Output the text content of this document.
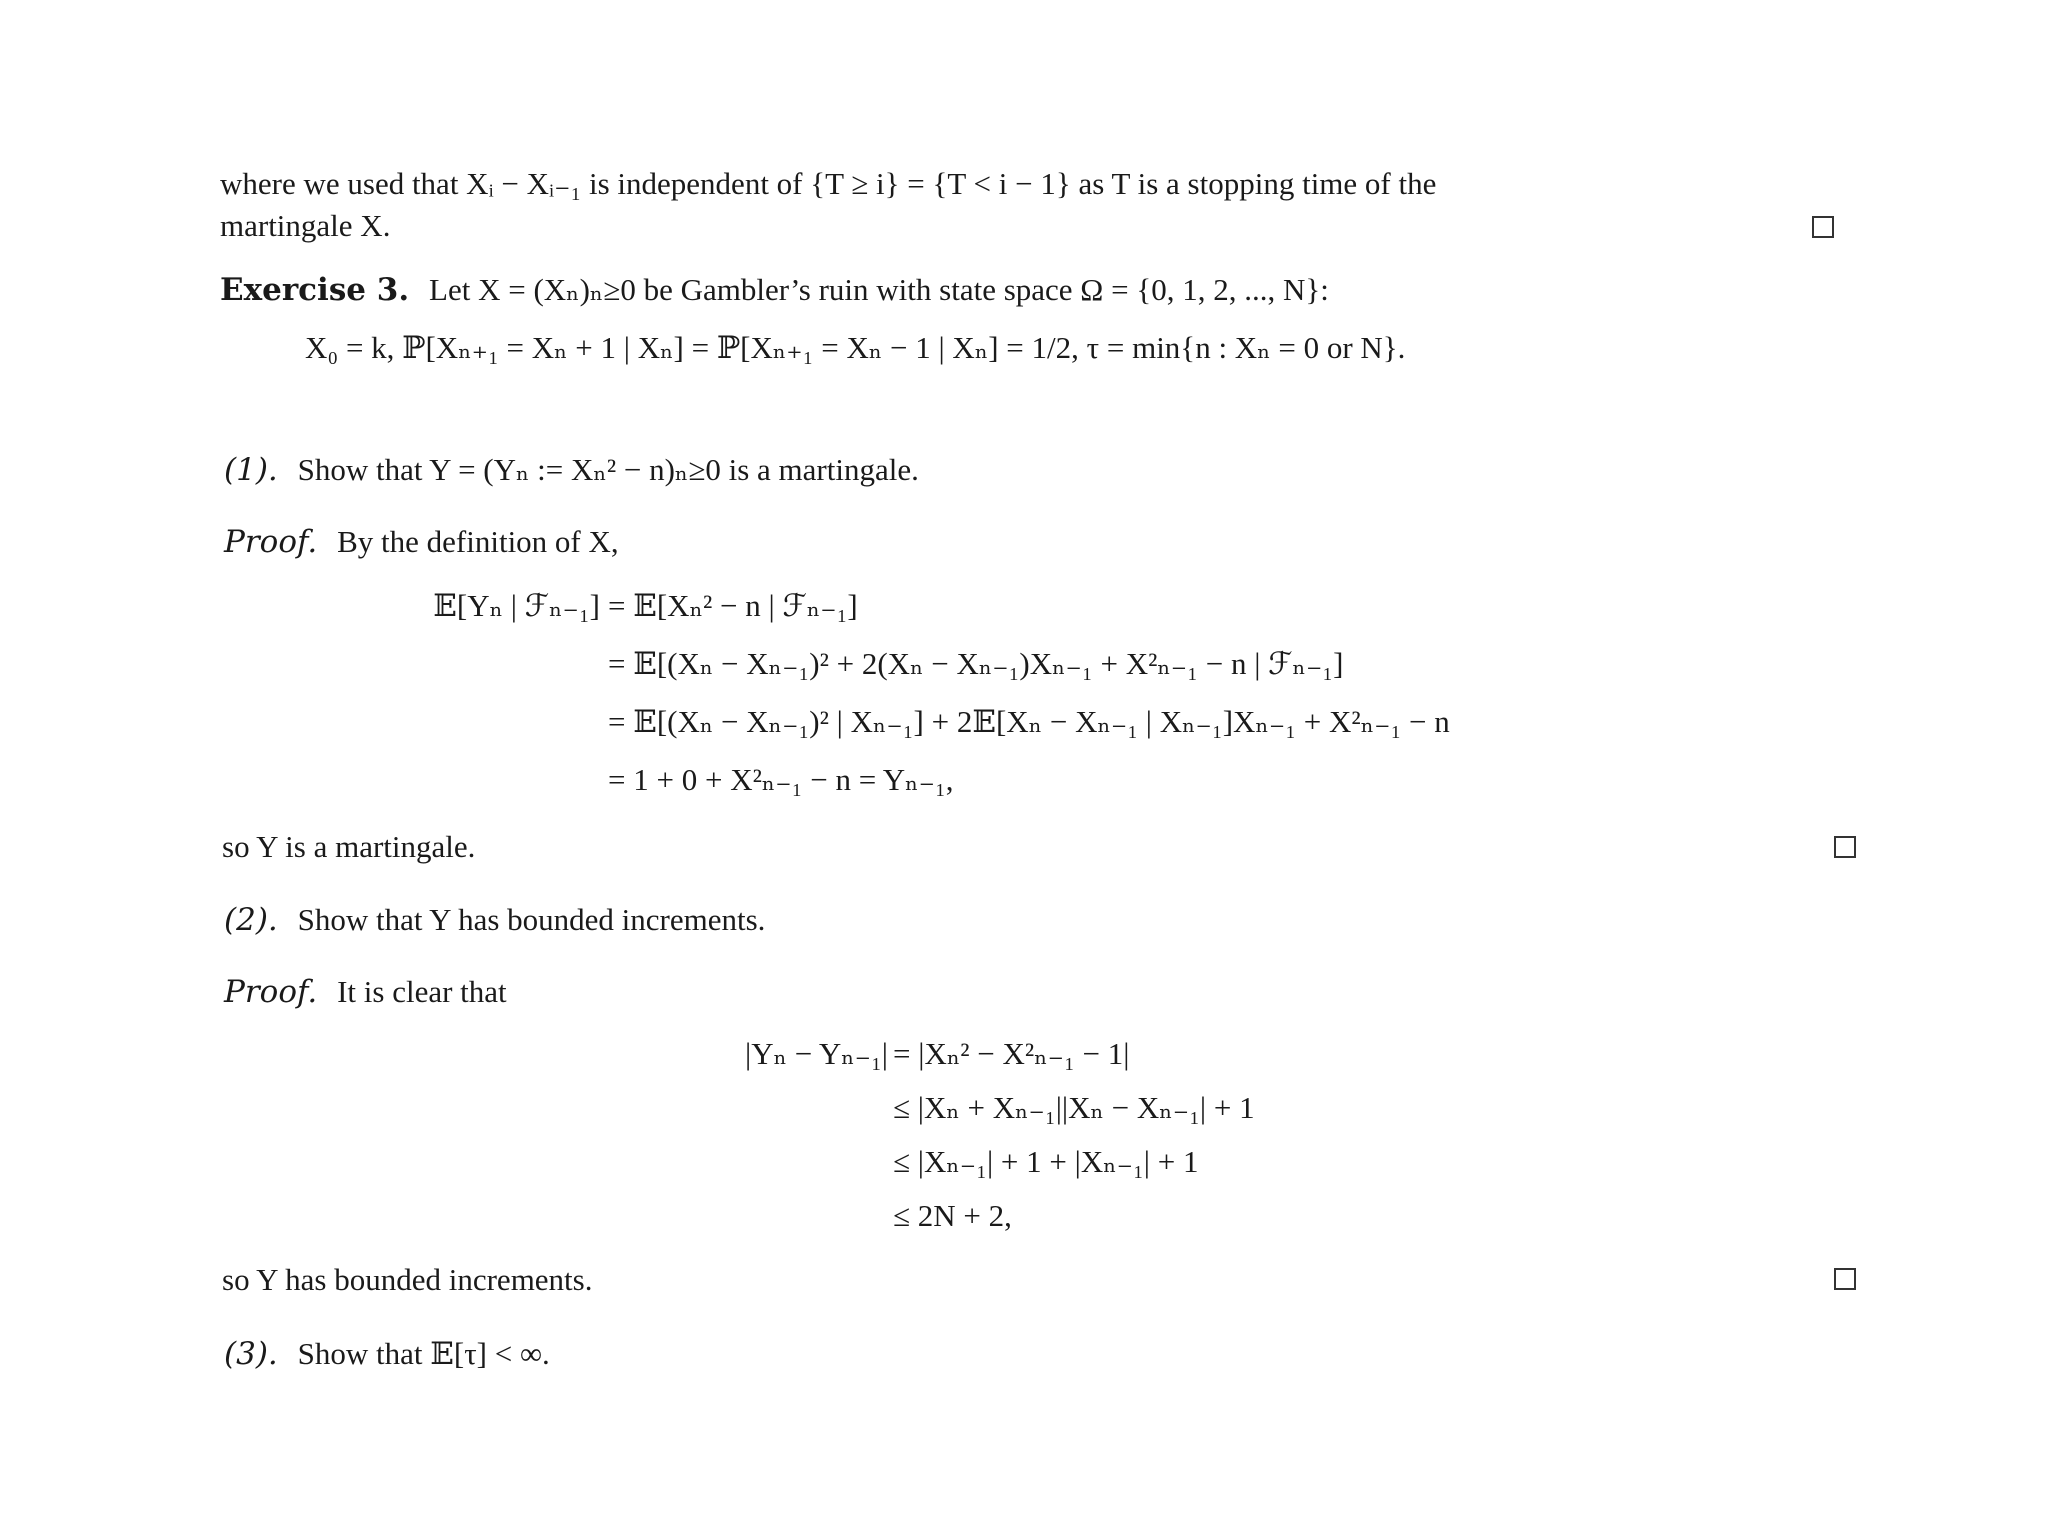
where we used that Xᵢ − Xᵢ₋₁ is independent of {T ≥ i} = {T < i − 1} as T is a stopping time of the
martingale X.
Exercise 3. Let X = (Xₙ)ₙ≥0 be Gambler’s ruin with state space Ω = {0, 1, 2, ..., N}:
X₀ = k, ℙ[Xₙ₊₁ = Xₙ + 1 | Xₙ] = ℙ[Xₙ₊₁ = Xₙ − 1 | Xₙ] = 1/2, τ = min{n : Xₙ = 0 or N}.
(1). Show that Y = (Yₙ := Xₙ² − n)ₙ≥0 is a martingale.
Proof. By the definition of X,
𝔼[Yₙ | ℱₙ₋₁] = 𝔼[Xₙ² − n | ℱₙ₋₁]
= 𝔼[(Xₙ − Xₙ₋₁)² + 2(Xₙ − Xₙ₋₁)Xₙ₋₁ + X²ₙ₋₁ − n | ℱₙ₋₁]
= 𝔼[(Xₙ − Xₙ₋₁)² | Xₙ₋₁] + 2𝔼[Xₙ − Xₙ₋₁ | Xₙ₋₁]Xₙ₋₁ + X²ₙ₋₁ − n
= 1 + 0 + X²ₙ₋₁ − n = Yₙ₋₁,
so Y is a martingale.
(2). Show that Y has bounded increments.
Proof. It is clear that
|Yₙ − Yₙ₋₁| = |Xₙ² − X²ₙ₋₁ − 1|
≤ |Xₙ + Xₙ₋₁||Xₙ − Xₙ₋₁| + 1
≤ |Xₙ₋₁| + 1 + |Xₙ₋₁| + 1
≤ 2N + 2,
so Y has bounded increments.
(3). Show that 𝔼[τ] < ∞.
